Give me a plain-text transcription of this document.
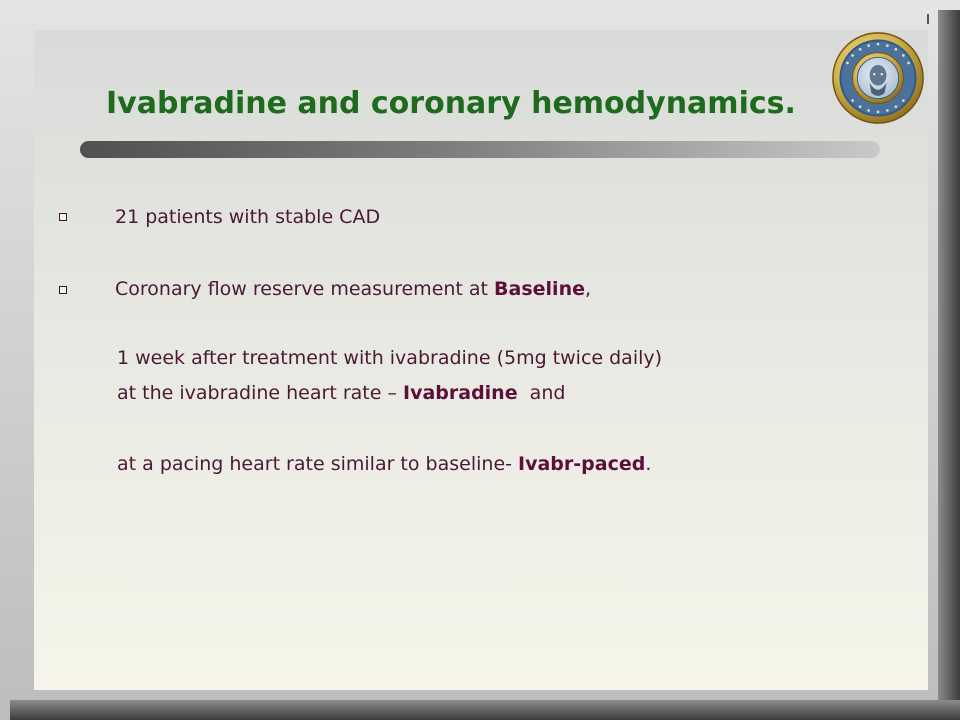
Ivabradine and coronary hemodynamics.

21 patients with stable CAD

Coronary flow reserve measurement at Baseline,

1 week after treatment with ivabradine (5mg twice daily)

at the ivabradine heart rate – Ivabradine  and

at a pacing heart rate similar to baseline- Ivabr-paced.
